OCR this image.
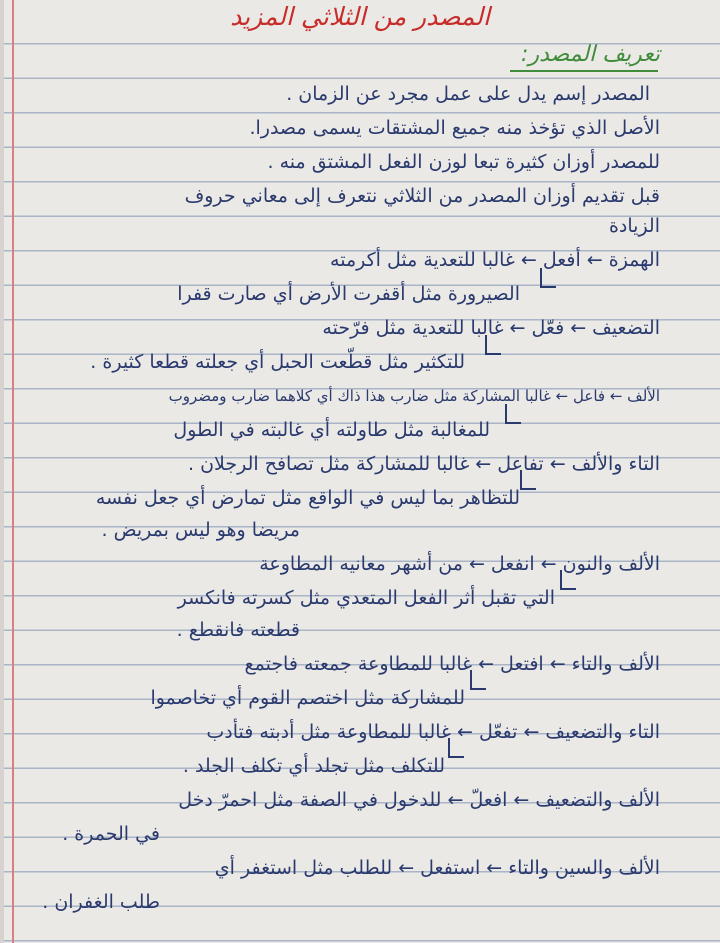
المصدر من الثلاثي المزيد
تعريف المصدر:
المصدر إسم يدل على عمل مجرد عن الزمان .
الأصل الذي تؤخذ منه جميع المشتقات يسمى مصدرا.
للمصدر أوزان كثيرة تبعا لوزن الفعل المشتق منه .
قبل تقديم أوزان المصدر من الثلاثي نتعرف إلى معاني حروف
الزيادة
الهمزة ← أفعل ← غالبا للتعدية مثل أكرمته
الصيرورة مثل أقفرت الأرض أي صارت قفرا
التضعيف ← فعّل ← غالبا للتعدية مثل فرّحته
للتكثير مثل قطّعت الحبل أي جعلته قطعا كثيرة .
الألف ← فاعل ← غالبا المشاركة مثل ضارب هذا ذاك أي كلاهما ضارب ومضروب
للمغالبة مثل طاولته أي غالبته في الطول
التاء والألف ← تفاعل ← غالبا للمشاركة مثل تصافح الرجلان .
للتظاهر بما ليس في الواقع مثل تمارض أي جعل نفسه
مريضا وهو ليس بمريض .
الألف والنون ← انفعل ← من أشهر معانيه المطاوعة
التي تقبل أثر الفعل المتعدي مثل كسرته فانكسر
قطعته فانقطع .
الألف والتاء ← افتعل ← غالبا للمطاوعة جمعته فاجتمع
للمشاركة مثل اختصم القوم أي تخاصموا
التاء والتضعيف ← تفعّل ← غالبا للمطاوعة مثل أدبته فتأدب
للتكلف مثل تجلد أي تكلف الجلد .
الألف والتضعيف ← افعلّ ← للدخول في الصفة مثل احمرّ دخل
في الحمرة .
الألف والسين والتاء ← استفعل ← للطلب مثل استغفر أي
طلب الغفران .
